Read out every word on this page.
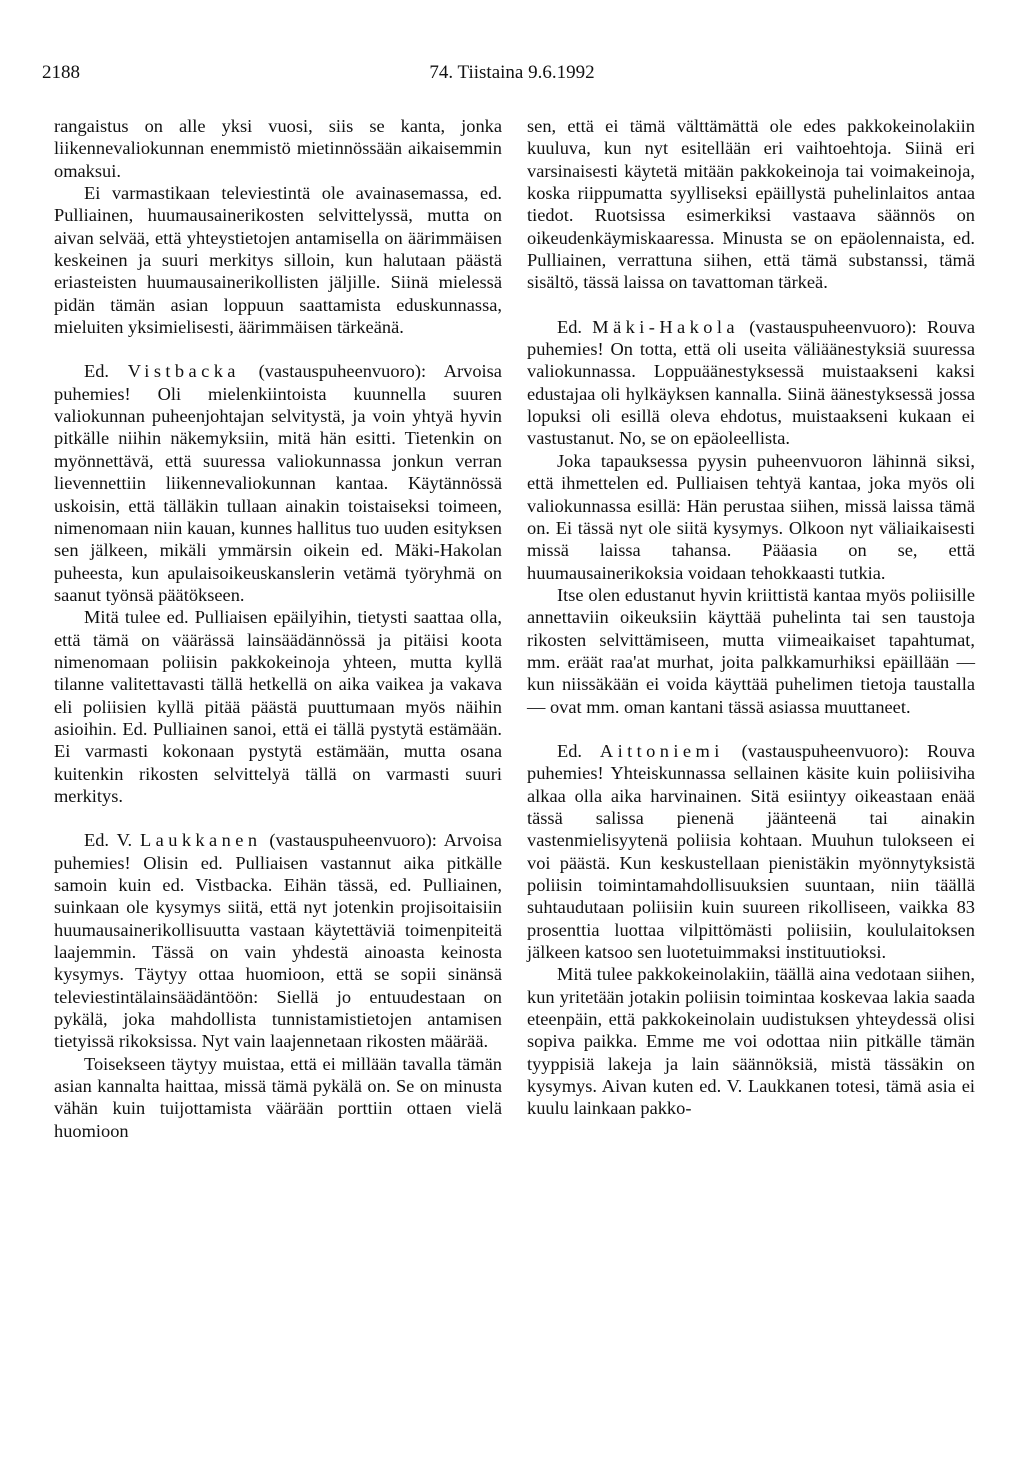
2188	74. Tiistaina 9.6.1992

rangaistus on alle yksi vuosi, siis se kanta, jonka liikennevaliokunnan enemmistö mietinnössään aikaisemmin omaksui.

Ei varmastikaan televiestintä ole avainasemassa, ed. Pulliainen, huumausainerikosten selvittelyssä, mutta on aivan selvää, että yhteystietojen antamisella on äärimmäisen keskeinen ja suuri merkitys silloin, kun halutaan päästä eriasteisten huumausainerikollisten jäljille. Siinä mielessä pidän tämän asian loppuun saattamista eduskunnassa, mieluiten yksimielisesti, äärimmäisen tärkeänä.

Ed. Vistbacka (vastauspuheenvuoro): Arvoisa puhemies! Oli mielenkiintoista kuunnella suuren valiokunnan puheenjohtajan selvitystä, ja voin yhtyä hyvin pitkälle niihin näkemyksiin, mitä hän esitti. Tietenkin on myönnettävä, että suuressa valiokunnassa jonkun verran lievennettiin liikennevaliokunnan kantaa. Käytännössä uskoisin, että tälläkin tullaan ainakin toistaiseksi toimeen, nimenomaan niin kauan, kunnes hallitus tuo uuden esityksen sen jälkeen, mikäli ymmärsin oikein ed. Mäki-Hakolan puheesta, kun apulaisoikeuskanslerin vetämä työryhmä on saanut työnsä päätökseen.

Mitä tulee ed. Pulliaisen epäilyihin, tietysti saattaa olla, että tämä on väärässä lainsäädännössä ja pitäisi koota nimenomaan poliisin pakkokeinoja yhteen, mutta kyllä tilanne valitettavasti tällä hetkellä on aika vaikea ja vakava eli poliisien kyllä pitää päästä puuttumaan myös näihin asioihin. Ed. Pulliainen sanoi, että ei tällä pystytä estämään. Ei varmasti kokonaan pystytä estämään, mutta osana kuitenkin rikosten selvittelyä tällä on varmasti suuri merkitys.

Ed. V. Laukkanen (vastauspuheenvuoro): Arvoisa puhemies! Olisin ed. Pulliaisen vastannut aika pitkälle samoin kuin ed. Vistbacka. Eihän tässä, ed. Pulliainen, suinkaan ole kysymys siitä, että nyt jotenkin projisoitaisiin huumausainerikollisuutta vastaan käytettäviä toimenpiteitä laajemmin. Tässä on vain yhdestä ainoasta keinosta kysymys. Täytyy ottaa huomioon, että se sopii sinänsä televiestintälainsäädäntöön: Siellä jo entuudestaan on pykälä, joka mahdollista tunnistamistietojen antamisen tietyissä rikoksissa. Nyt vain laajennetaan rikosten määrää.

Toisekseen täytyy muistaa, että ei millään tavalla tämän asian kannalta haittaa, missä tämä pykälä on. Se on minusta vähän kuin tuijottamista väärään porttiin ottaen vielä huomioon

sen, että ei tämä välttämättä ole edes pakkokeinolakiin kuuluva, kun nyt esitellään eri vaihtoehtoja. Siinä eri varsinaisesti käytetä mitään pakkokeinoja tai voimakeinoja, koska riippumatta syylliseksi epäillystä puhelinlaitos antaa tiedot. Ruotsissa esimerkiksi vastaava säännös on oikeudenkäymiskaaressa. Minusta se on epäolennaista, ed. Pulliainen, verrattuna siihen, että tämä substanssi, tämä sisältö, tässä laissa on tavattoman tärkeä.

Ed. Mäki-Hakola (vastauspuheenvuoro): Rouva puhemies! On totta, että oli useita väliäänestyksiä suuressa valiokunnassa. Loppuäänestyksessä muistaakseni kaksi edustajaa oli hylkäyksen kannalla. Siinä äänestyksessä jossa lopuksi oli esillä oleva ehdotus, muistaakseni kukaan ei vastustanut. No, se on epäoleellista.

Joka tapauksessa pyysin puheenvuoron lähinnä siksi, että ihmettelen ed. Pulliaisen tehtyä kantaa, joka myös oli valiokunnassa esillä: Hän perustaa siihen, missä laissa tämä on. Ei tässä nyt ole siitä kysymys. Olkoon nyt väliaikaisesti missä laissa tahansa. Pääasia on se, että huumausainerikoksia voidaan tehokkaasti tutkia.

Itse olen edustanut hyvin kriittistä kantaa myös poliisille annettaviin oikeuksiin käyttää puhelinta tai sen taustoja rikosten selvittämiseen, mutta viimeaikaiset tapahtumat, mm. eräät raa'at murhat, joita palkkamurhiksi epäillään — kun niissäkään ei voida käyttää puhelimen tietoja taustalla — ovat mm. oman kantani tässä asiassa muuttaneet.

Ed. Aittoniemi (vastauspuheenvuoro): Rouva puhemies! Yhteiskunnassa sellainen käsite kuin poliisiviha alkaa olla aika harvinainen. Sitä esiintyy oikeastaan enää tässä salissa pienenä jäänteenä tai ainakin vastenmielisyytenä poliisia kohtaan. Muuhun tulokseen ei voi päästä. Kun keskustellaan pienistäkin myönnytyksistä poliisin toimintamahdollisuuksien suuntaan, niin täällä suhtaudutaan poliisiin kuin suureen rikolliseen, vaikka 83 prosenttia luottaa vilpittömästi poliisiin, koululaitoksen jälkeen katsoo sen luotetuimmaksi instituutioksi.

Mitä tulee pakkokeinolakiin, täällä aina vedotaan siihen, kun yritetään jotakin poliisin toimintaa koskevaa lakia saada eteenpäin, että pakkokeinolain uudistuksen yhteydessä olisi sopiva paikka. Emme me voi odottaa niin pitkälle tämän tyyppisiä lakeja ja lain säännöksiä, mistä tässäkin on kysymys. Aivan kuten ed. V. Laukkanen totesi, tämä asia ei kuulu lainkaan pakko-
